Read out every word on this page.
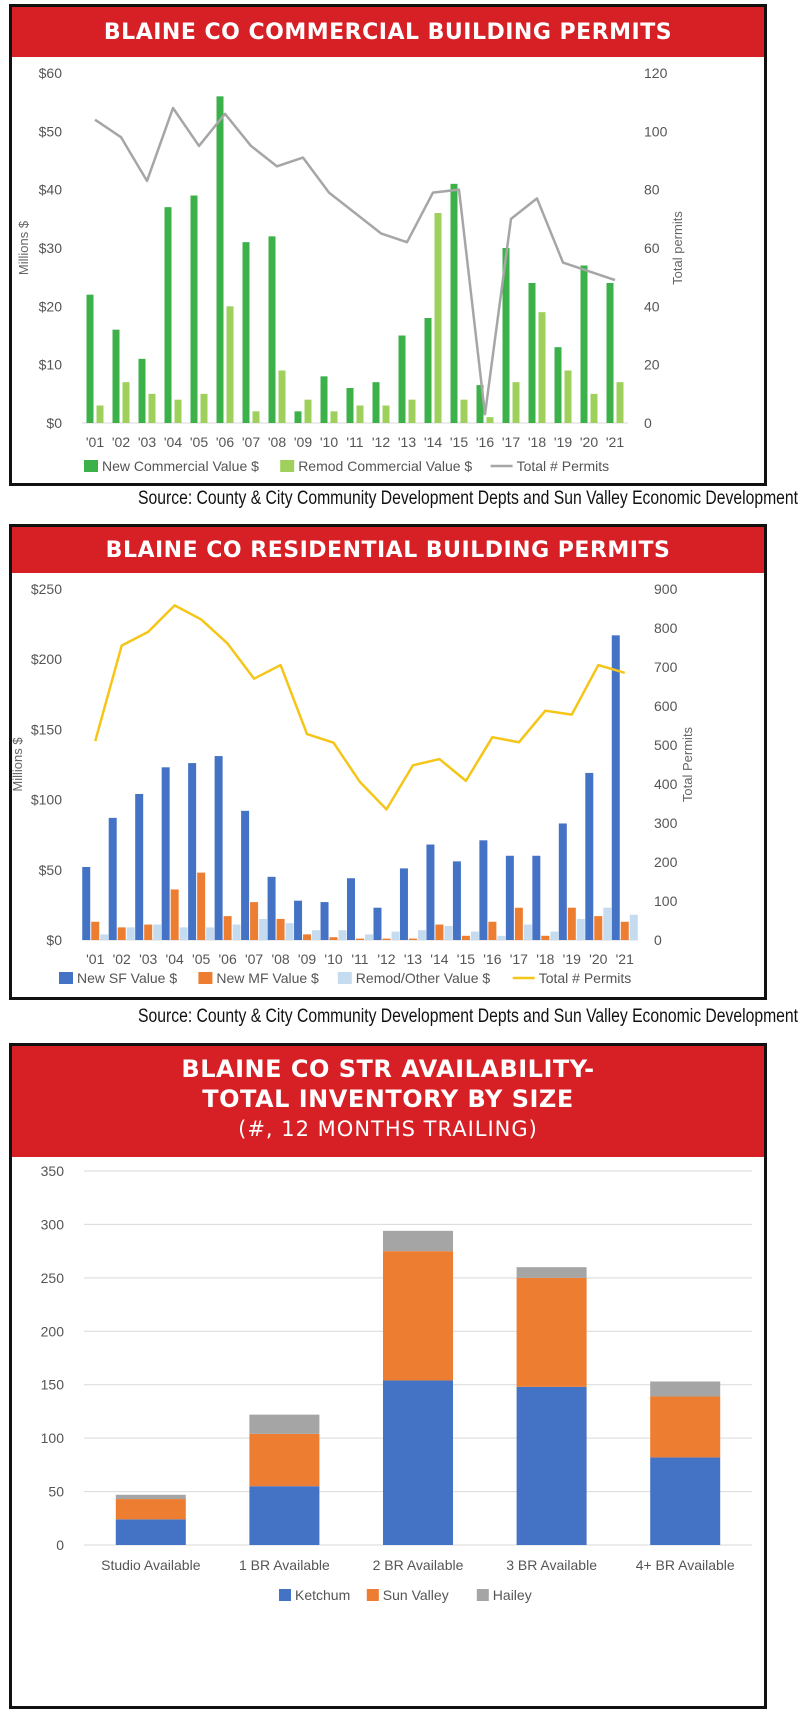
BLAINE CO COMMERCIAL BUILDING PERMITS
$0
$10
$20
$30
$40
$50
$60
0
20
40
60
80
100
120
Millions $	Total permits
'01 '02 '03 '04 '05 '06 '07 '08 '09 '10 '11 '12 '13 '14 '15 '16 '17 '18 '19 '20 '21
New Commercial Value $	Remod Commercial Value $	Total # Permits
Source: County & City Community Development Depts and Sun Valley Economic Development
BLAINE CO RESIDENTIAL BUILDING PERMITS
$0
$50
$100
$150
$200
$250
0
100
200
300
400
500
600
700
800
900
Millions $	Total Permits
'01 '02 '03 '04 '05 '06 '07 '08 '09 '10 '11 '12 '13 '14 '15 '16 '17 '18 '19 '20 '21
New SF Value $	New MF Value $	Remod/Other Value $	Total # Permits
Source: County & City Community Development Depts and Sun Valley Economic Development
BLAINE CO STR AVAILABILITY-
TOTAL INVENTORY BY SIZE
(#, 12 MONTHS TRAILING)
0
50
100
150
200
250
300
350
Studio Available	1 BR Available	2 BR Available	3 BR Available	4+ BR Available
Ketchum Sun Valley	Hailey
